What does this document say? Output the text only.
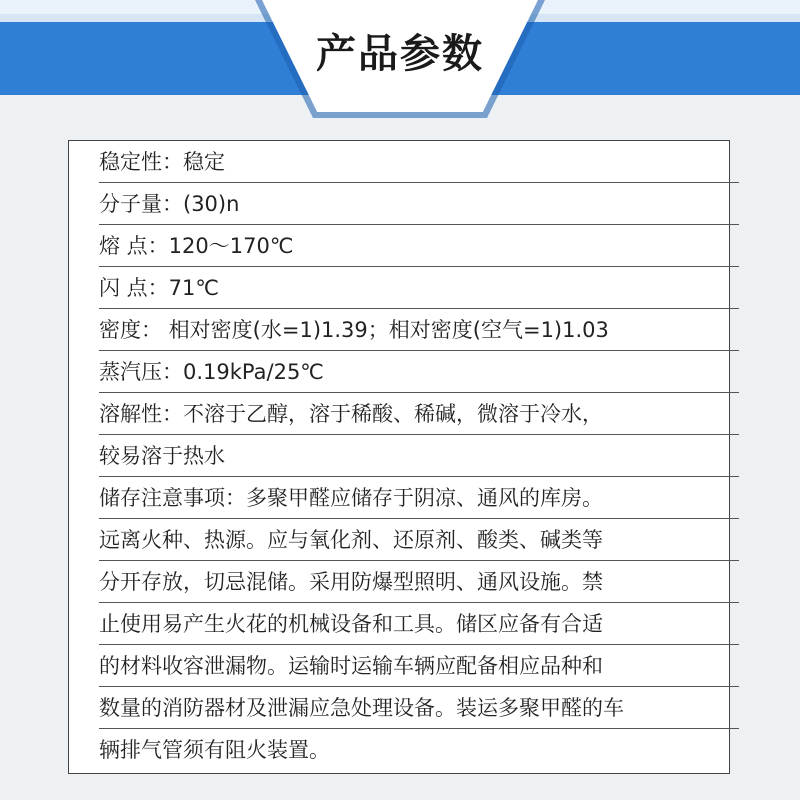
产品参数
稳定性：稳定
分子量：(30)n
熔 点：120～170℃
闪 点：71℃
密度： 相对密度(水=1)1.39；相对密度(空气=1)1.03
蒸汽压：0.19kPa/25℃
溶解性：不溶于乙醇，溶于稀酸、稀碱，微溶于冷水，
较易溶于热水
储存注意事项：多聚甲醛应储存于阴凉、通风的库房。
远离火种、热源。应与氧化剂、还原剂、酸类、碱类等
分开存放，切忌混储。采用防爆型照明、通风设施。禁
止使用易产生火花的机械设备和工具。储区应备有合适
的材料收容泄漏物。运输时运输车辆应配备相应品种和
数量的消防器材及泄漏应急处理设备。装运多聚甲醛的车
辆排气管须有阻火装置。
